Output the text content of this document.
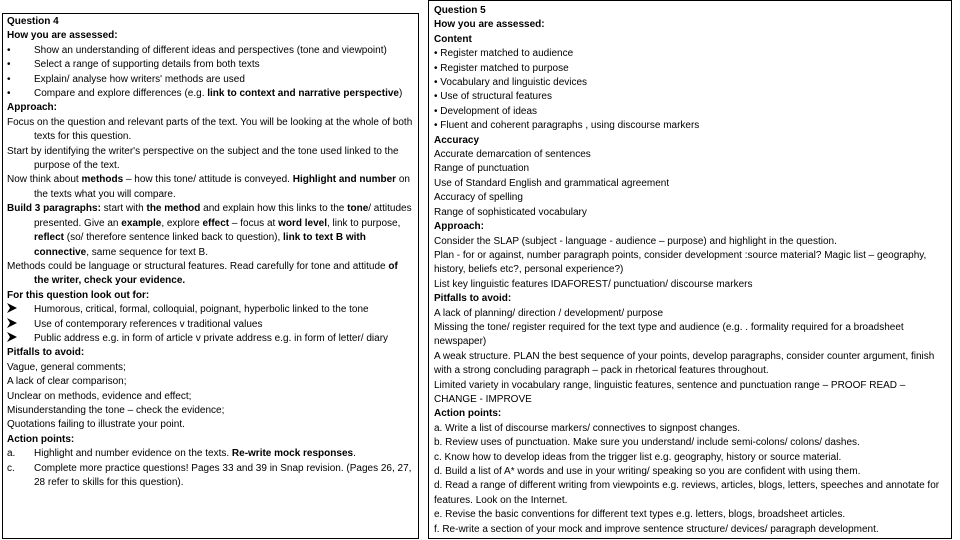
Question 4
How you are assessed:
•	Show an understanding of different ideas and perspectives (tone and viewpoint)
•	Select a range of supporting details from both texts
•	Explain/ analyse how writers' methods are used
•	Compare and explore differences (e.g. link to context and narrative perspective)
Approach:
Focus on the question and relevant parts of the text. You will be looking at the whole of both texts for this question.
Start by identifying the writer's perspective on the subject and the tone used linked to the purpose of the text.
Now think about methods – how this tone/ attitude is conveyed. Highlight and number on the texts what you will compare.
Build 3 paragraphs: start with the method and explain how this links to the tone/ attitudes presented. Give an example, explore effect – focus at word level, link to purpose, reflect (so/ therefore sentence linked back to question), link to text B with connective, same sequence for text B.
Methods could be language or structural features. Read carefully for tone and attitude of the writer, check your evidence.
For this question look out for:
Humorous, critical, formal, colloquial, poignant, hyperbolic linked to the tone
Use of contemporary references v traditional values
Public address e.g. in form of article v private address e.g. in form of letter/ diary
Pitfalls to avoid:
Vague, general comments;
A lack of clear comparison;
Unclear on methods, evidence and effect;
Misunderstanding the tone – check the evidence;
Quotations failing to illustrate your point.
Action points:
a.	Highlight and number evidence on the texts. Re-write mock responses.
c.	Complete more practice questions! Pages 33 and 39 in Snap revision. (Pages 26, 27, 28 refer to skills for this question).
Question 5
How you are assessed:
Content
• Register matched to audience
• Register matched to purpose
• Vocabulary and linguistic devices
• Use of structural features
• Development of ideas
• Fluent and coherent paragraphs , using discourse markers
Accuracy
Accurate demarcation of sentences
Range of punctuation
Use of Standard English and grammatical agreement
Accuracy of spelling
Range of sophisticated vocabulary
Approach:
Consider the SLAP (subject - language - audience – purpose) and highlight in the question.
Plan - for or against, number paragraph points, consider development :source material? Magic list – geography, history, beliefs etc?, personal experience?)
List key linguistic features IDAFOREST/ punctuation/ discourse markers
Pitfalls to avoid:
A lack of planning/ direction / development/ purpose
Missing the tone/ register required for the text type and audience (e.g. . formality required for a broadsheet newspaper)
A weak structure. PLAN the best sequence of your points, develop paragraphs, consider counter argument, finish with a strong concluding paragraph – pack in rhetorical features throughout.
Limited variety in vocabulary range, linguistic features, sentence and punctuation range – PROOF READ – CHANGE - IMPROVE
Action points:
a. Write a list of discourse markers/ connectives to signpost changes.
b. Review uses of punctuation. Make sure you understand/ include semi-colons/ colons/ dashes.
c. Know how to develop ideas from the trigger list e.g. geography, history or source material.
d. Build a list of A* words and use in your writing/ speaking so you are confident with using them.
d. Read a range of different writing from viewpoints e.g. reviews, articles, blogs, letters, speeches and annotate for features. Look on the Internet.
e. Revise the basic conventions for different text types e.g. letters, blogs, broadsheet articles.
f. Re-write a section of your mock and improve sentence structure/ devices/ paragraph development.
